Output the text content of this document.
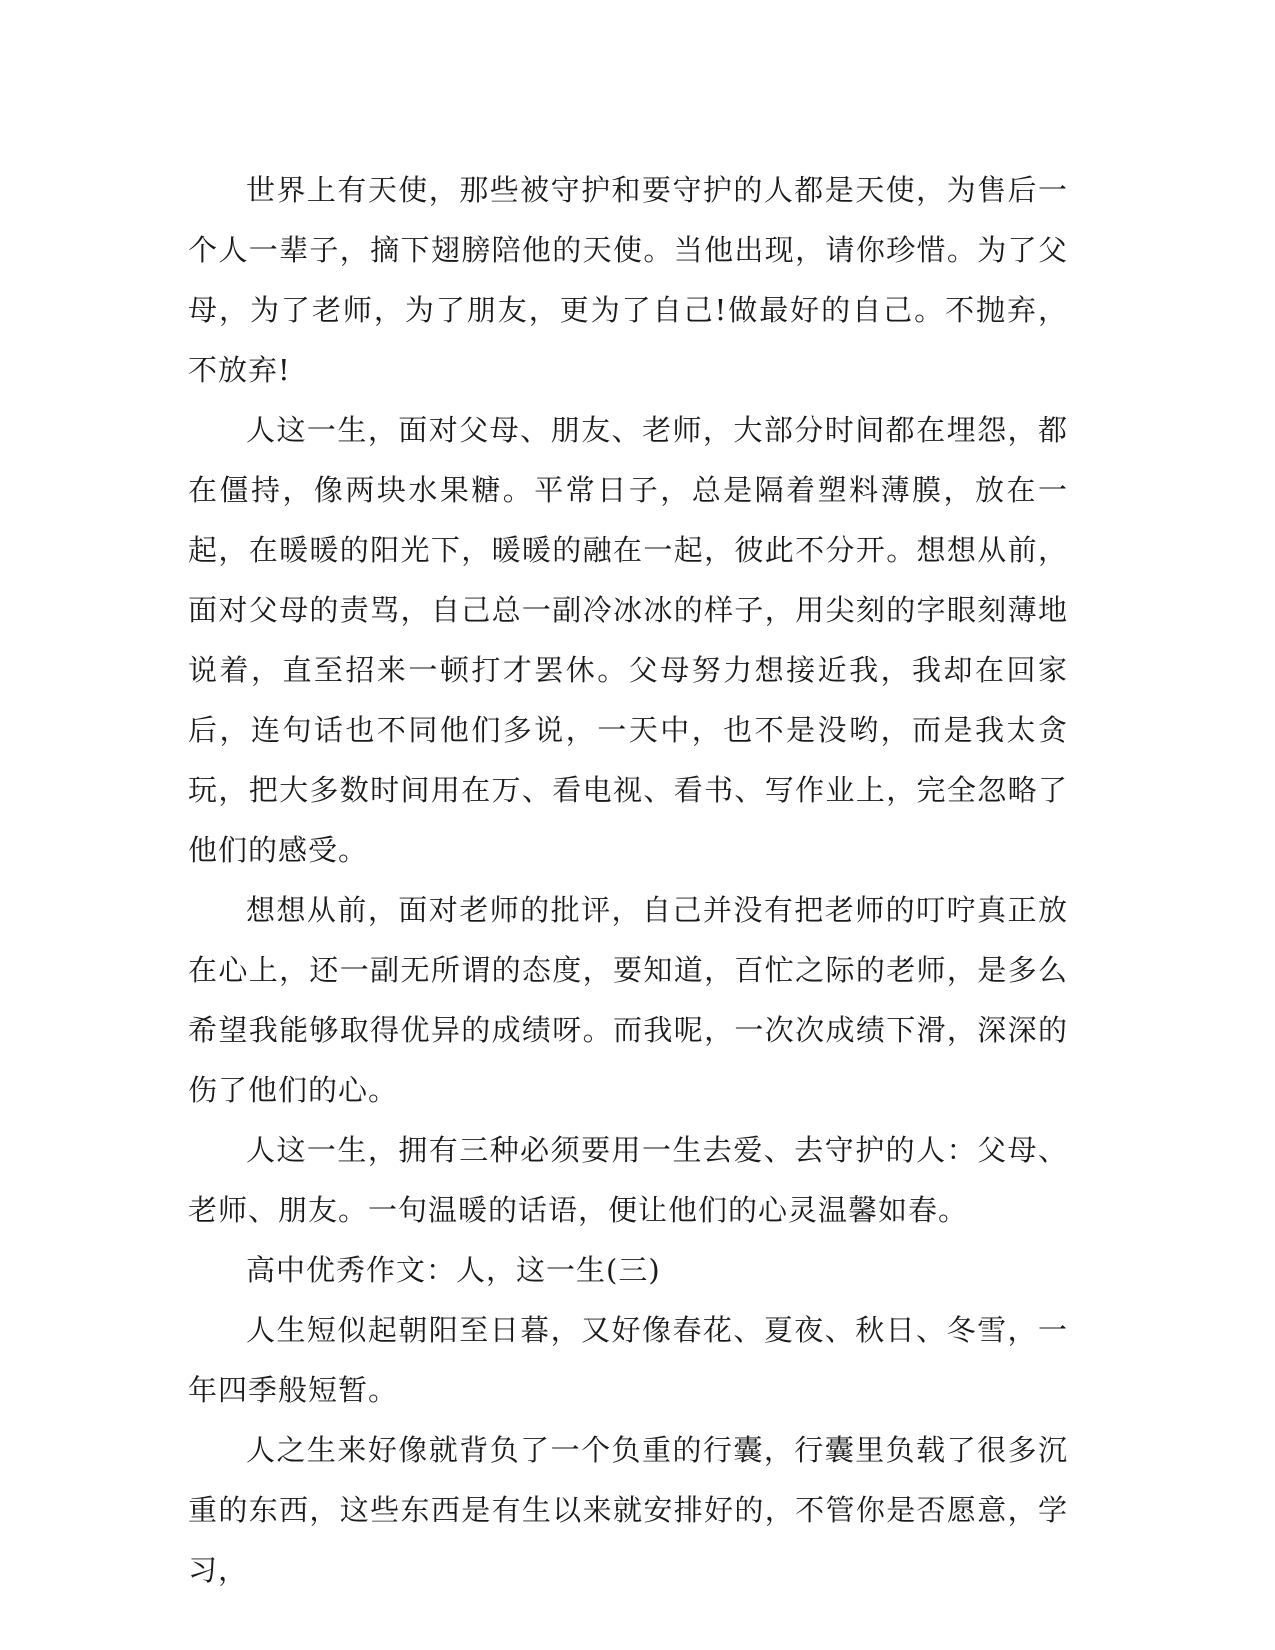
世界上有天使，那些被守护和要守护的人都是天使，为售后一个人一辈子，摘下翅膀陪他的天使。当他出现，请你珍惜。为了父母，为了老师，为了朋友，更为了自己!做最好的自己。不抛弃，不放弃!

人这一生，面对父母、朋友、老师，大部分时间都在埋怨，都在僵持，像两块水果糖。平常日子，总是隔着塑料薄膜，放在一起，在暖暖的阳光下，暖暖的融在一起，彼此不分开。想想从前，面对父母的责骂，自己总一副冷冰冰的样子，用尖刻的字眼刻薄地说着，直至招来一顿打才罢休。父母努力想接近我，我却在回家后，连句话也不同他们多说，一天中，也不是没哟，而是我太贪玩，把大多数时间用在万、看电视、看书、写作业上，完全忽略了他们的感受。

想想从前，面对老师的批评，自己并没有把老师的叮咛真正放在心上，还一副无所谓的态度，要知道，百忙之际的老师，是多么希望我能够取得优异的成绩呀。而我呢，一次次成绩下滑，深深的伤了他们的心。

人这一生，拥有三种必须要用一生去爱、去守护的人：父母、老师、朋友。一句温暖的话语，便让他们的心灵温馨如春。

高中优秀作文：人，这一生(三)

人生短似起朝阳至日暮，又好像春花、夏夜、秋日、冬雪，一年四季般短暂。

人之生来好像就背负了一个负重的行囊，行囊里负载了很多沉重的东西，这些东西是有生以来就安排好的，不管你是否愿意，学习，
